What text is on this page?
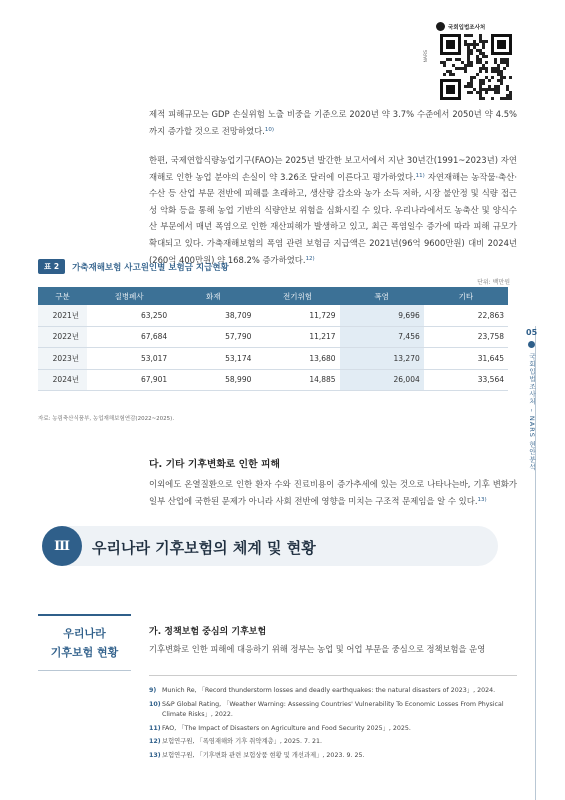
국회입법조사처
NARS
제적 피해규모는 GDP 손실위험 노출 비중을 기준으로 2020년 약 3.7% 수준에서 2050년 약 4.5%까지 증가할 것으로 전망하였다.$^{10)}$
한편, 국제연합식량농업기구(FAO)는 2025년 발간한 보고서에서 지난 30년간(1991~2023년) 자연재해로 인한 농업 분야의 손실이 약 3.26조 달러에 이른다고 평가하였다.$^{11)}$ 자연재해는 농작물·축산·수산 등 산업 부문 전반에 피해를 초래하고, 생산량 감소와 농가 소득 저하, 시장 불안정 및 식량 접근성 악화 등을 통해 농업 기반의 식량안보 위험을 심화시킬 수 있다. 우리나라에서도 농축산 및 양식수산 부문에서 매년 폭염으로 인한 재산피해가 발생하고 있고, 최근 폭염일수 증가에 따라 피해 규모가 확대되고 있다. 가축재해보험의 폭염 관련 보험금 지급액은 2021년(96억 9600만원) 대비 2024년(260억 400만원) 약 168.2% 증가하였다.$^{12)}$
표 2	가축재해보험 사고원인별 보험금 지급현황
단위: 백만원
구분	질병폐사	화재	전기위험	폭염	기타
2021년	63,250	38,709	11,729	9,696	22,863
2022년	67,684	57,790	11,217	7,456	23,758
2023년	53,017	53,174	13,680	13,270	31,645
2024년	67,901	58,990	14,885	26,004	33,564
자료: 농림축산식품부, 농업재해보험연감(2022~2025).
05
국회입법조사처 – NARS 현안분석
다. 기타 기후변화로 인한 피해
이외에도 온열질환으로 인한 환자 수와 진료비용이 증가추세에 있는 것으로 나타나는바, 기후 변화가 일부 산업에 국한된 문제가 아니라 사회 전반에 영향을 미치는 구조적 문제임을 알 수 있다.$^{13)}$
Ⅲ 우리나라 기후보험의 체계 및 현황
우리나라
기후보험 현황
가. 정책보험 중심의 기후보험
기후변화로 인한 피해에 대응하기 위해 정부는 농업 및 어업 부문을 중심으로 정책보험을 운영
9) Munich Re, 「Record thunderstorm losses and deadly earthquakes: the natural disasters of 2023」, 2024.
10) S&P Global Rating, 「Weather Warning: Assessing Countries' Vulnerability To Economic Losses From Physical Climate Risks」, 2022.
11) FAO, 「The Impact of Disasters on Agriculture and Food Security 2025」, 2025.
12) 보험연구원, 「폭염재해와 기후 취약계층」, 2025. 7. 21.
13) 보험연구원, 「기후변화 관련 보험상품 현황 및 개선과제」, 2023. 9. 25.
